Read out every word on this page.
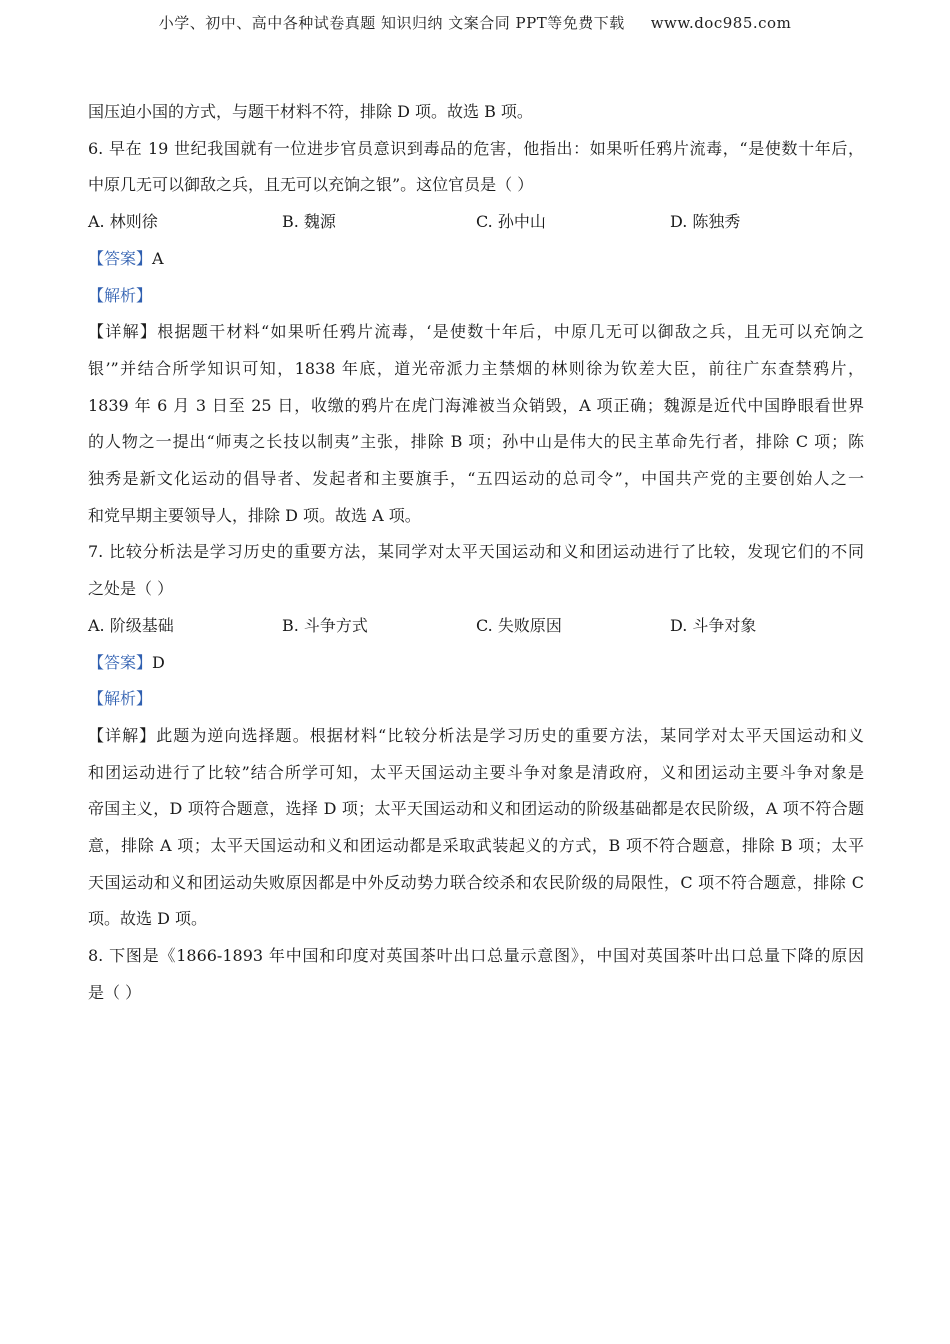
小学、初中、高中各种试卷真题 知识归纳 文案合同 PPT等免费下载 www.doc985.com
国压迫小国的方式，与题干材料不符，排除 D 项。故选 B 项。
6. 早在 19 世纪我国就有一位进步官员意识到毒品的危害，他指出：如果听任鸦片流毒，“是使数十年后，
中原几无可以御敌之兵，且无可以充饷之银”。这位官员是（ ）
A. 林则徐	B. 魏源	C. 孙中山	D. 陈独秀
【答案】A
【解析】
【详解】根据题干材料“如果听任鸦片流毒，‘是使数十年后，中原几无可以御敌之兵，且无可以充饷之
银’”并结合所学知识可知，1838 年底，道光帝派力主禁烟的林则徐为钦差大臣，前往广东查禁鸦片，
1839 年 6 月 3 日至 25 日，收缴的鸦片在虎门海滩被当众销毁，A 项正确；魏源是近代中国睁眼看世界
的人物之一提出“师夷之长技以制夷”主张，排除 B 项；孙中山是伟大的民主革命先行者，排除 C 项；陈
独秀是新文化运动的倡导者、发起者和主要旗手，“五四运动的总司令”，中国共产党的主要创始人之一
和党早期主要领导人，排除 D 项。故选 A 项。
7. 比较分析法是学习历史的重要方法，某同学对太平天国运动和义和团运动进行了比较，发现它们的不同
之处是（ ）
A. 阶级基础	B. 斗争方式	C. 失败原因	D. 斗争对象
【答案】D
【解析】
【详解】此题为逆向选择题。根据材料“比较分析法是学习历史的重要方法，某同学对太平天国运动和义
和团运动进行了比较”结合所学可知，太平天国运动主要斗争对象是清政府，义和团运动主要斗争对象是
帝国主义，D 项符合题意，选择 D 项；太平天国运动和义和团运动的阶级基础都是农民阶级，A 项不符合题
意，排除 A 项；太平天国运动和义和团运动都是采取武装起义的方式，B 项不符合题意，排除 B 项；太平
天国运动和义和团运动失败原因都是中外反动势力联合绞杀和农民阶级的局限性，C 项不符合题意，排除 C
项。故选 D 项。
8. 下图是《1866-1893 年中国和印度对英国茶叶出口总量示意图》，中国对英国茶叶出口总量下降的原因
是（ ）
